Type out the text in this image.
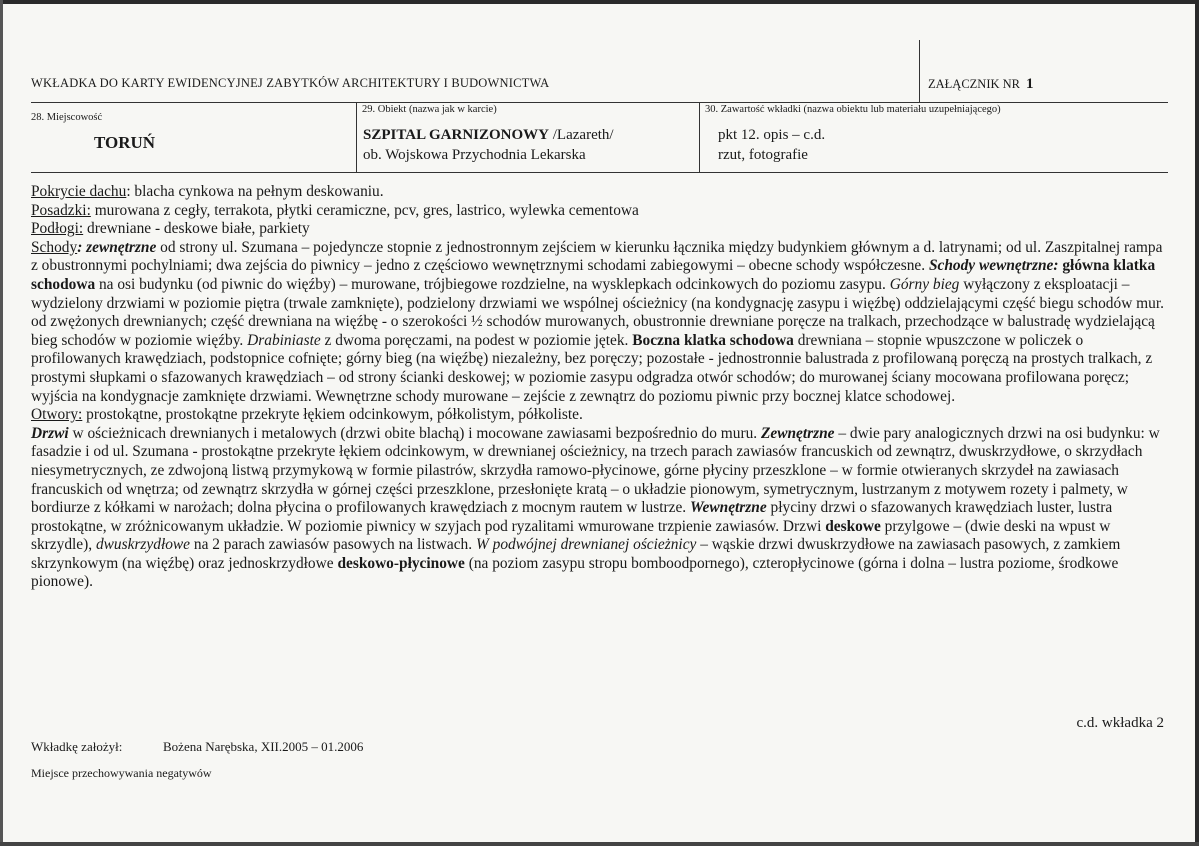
WKŁADKA DO KARTY EWIDENCYJNEJ ZABYTKÓW ARCHITEKTURY I BUDOWNICTWA	ZAŁĄCZNIK NR 1
28. Miejscowość
TORUŃ
29. Obiekt (nazwa jak w karcie)
SZPITAL GARNIZONOWY /Lazareth/
ob. Wojskowa Przychodnia Lekarska
30. Zawartość wkładki (nazwa obiektu lub materiału uzupełniającego)
pkt 12. opis – c.d.
rzut, fotografie

Pokrycie dachu: blacha cynkowa na pełnym deskowaniu.

Posadzki: murowana z cegły, terrakota, płytki ceramiczne, pcv, gres, lastrico, wylewka cementowa

Podłogi: drewniane - deskowe białe, parkiety

Schody: zewnętrzne od strony ul. Szumana – pojedyncze stopnie z jednostronnym zejściem w kierunku łącznika między budynkiem głównym a d. latrynami; od ul. Zaszpitalnej rampa z obustronnymi pochylniami; dwa zejścia do piwnicy – jedno z częściowo wewnętrznymi schodami zabiegowymi – obecne schody współczesne. Schody wewnętrzne: główna klatka schodowa na osi budynku (od piwnic do więźby) – murowane, trójbiegowe rozdzielne, na wysklepkach odcinkowych do poziomu zasypu. Górny bieg wyłączony z eksploatacji – wydzielony drzwiami w poziomie piętra (trwale zamknięte), podzielony drzwiami we wspólnej ościeżnicy (na kondygnację zasypu i więźbę) oddzielającymi część biegu schodów mur. od zwężonych drewnianych; część drewniana na więźbę - o szerokości ½ schodów murowanych, obustronnie drewniane poręcze na tralkach, przechodzące w balustradę wydzielającą bieg schodów w poziomie więźby. Drabiniaste z dwoma poręczami, na podest w poziomie jętek. Boczna klatka schodowa drewniana – stopnie wpuszczone w policzek o profilowanych krawędziach, podstopnice cofnięte; górny bieg (na więźbę) niezależny, bez poręczy; pozostałe - jednostronnie balustrada z profilowaną poręczą na prostych tralkach, z prostymi słupkami o sfazowanych krawędziach – od strony ścianki deskowej; w poziomie zasypu odgradza otwór schodów; do murowanej ściany mocowana profilowana poręcz; wyjścia na kondygnacje zamknięte drzwiami. Wewnętrzne schody murowane – zejście z zewnątrz do poziomu piwnic przy bocznej klatce schodowej.

Otwory: prostokątne, prostokątne przekryte łękiem odcinkowym, półkolistym, półkoliste.

Drzwi w ościeżnicach drewnianych i metalowych (drzwi obite blachą) i mocowane zawiasami bezpośrednio do muru. Zewnętrzne – dwie pary analogicznych drzwi na osi budynku: w fasadzie i od ul. Szumana - prostokątne przekryte łękiem odcinkowym, w drewnianej ościeżnicy, na trzech parach zawiasów francuskich od zewnątrz, dwuskrzydłowe, o skrzydłach niesymetrycznych, ze zdwojoną listwą przymykową w formie pilastrów, skrzydła ramowo-płycinowe, górne płyciny przeszklone – w formie otwieranych skrzydeł na zawiasach francuskich od wnętrza; od zewnątrz skrzydła w górnej części przeszklone, przesłonięte kratą – o układzie pionowym, symetrycznym, lustrzanym z motywem rozety i palmety, w bordiurze z kółkami w narożach; dolna płycina o profilowanych krawędziach z mocnym rautem w lustrze. Wewnętrzne płyciny drzwi o sfazowanych krawędziach luster, lustra prostokątne, w zróżnicowanym układzie. W poziomie piwnicy w szyjach pod ryzalitami wmurowane trzpienie zawiasów. Drzwi deskowe przylgowe – (dwie deski na wpust w skrzydle), dwuskrzydłowe na 2 parach zawiasów pasowych na listwach. W podwójnej drewnianej ościeżnicy – wąskie drzwi dwuskrzydłowe na zawiasach pasowych, z zamkiem skrzynkowym (na więźbę) oraz jednoskrzydłowe deskowo-płycinowe (na poziom zasypu stropu bomboodpornego), czteropłycinowe (górna i dolna – lustra poziome, środkowe pionowe).

c.d. wkładka 2
Wkładkę założył:	Bożena Narębska, XII.2005 – 01.2006
Miejsce przechowywania negatywów
